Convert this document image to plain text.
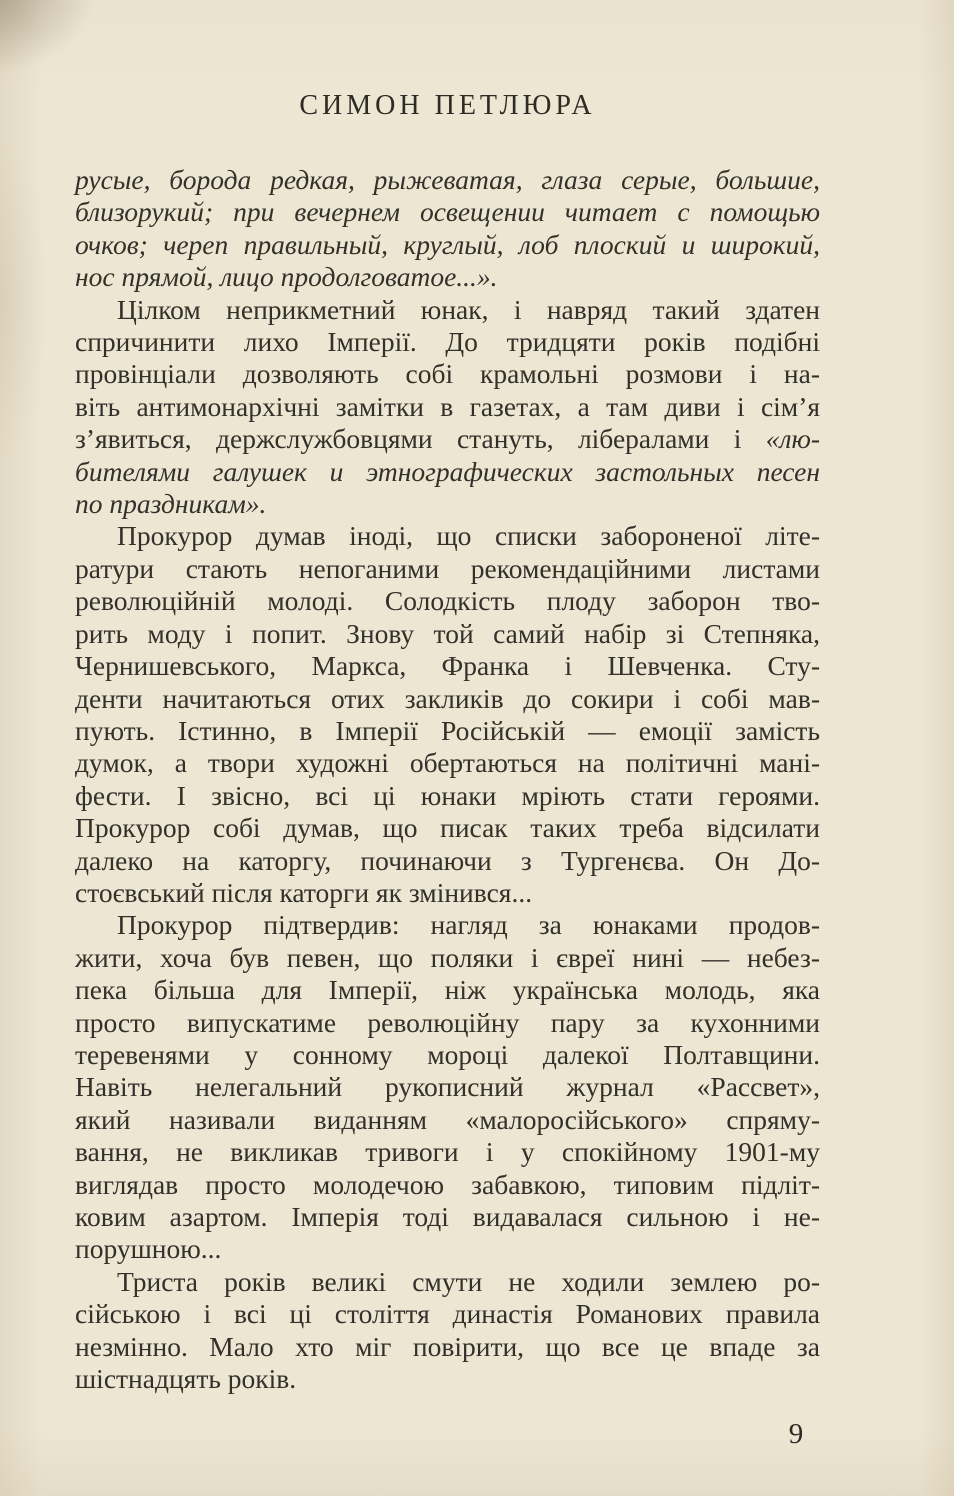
СИМОН ПЕТЛЮРА
русые, борода редкая, рыжеватая, глаза серые, большие,
близорукий; при вечернем освещении читает с помощью
очков; череп правильный, круглый, лоб плоский и широкий,
нос прямой, лицо продолговатое...».
Цілком неприкметний юнак, і навряд такий здатен
спричинити лихо Імперії. До тридцяти років подібні
провінціали дозволяють собі крамольні розмови і на-
віть антимонархічні замітки в газетах, а там диви і сім’я
з’явиться, держслужбовцями стануть, лібералами і «лю-
бителями галушек и этнографических застольных песен
по праздникам».
Прокурор думав іноді, що списки забороненої літе-
ратури стають непоганими рекомендаційними листами
революційній молоді. Солодкість плоду заборон тво-
рить моду і попит. Знову той самий набір зі Степняка,
Чернишевського, Маркса, Франка і Шевченка. Сту-
денти начитаються отих закликів до сокири і собі мав-
пують. Істинно, в Імперії Російській — емоції замість
думок, а твори художні обертаються на політичні мані-
фести. І звісно, всі ці юнаки мріють стати героями.
Прокурор собі думав, що писак таких треба відсилати
далеко на каторгу, починаючи з Тургенєва. Он До-
стоєвський після каторги як змінився...
Прокурор підтвердив: нагляд за юнаками продов-
жити, хоча був певен, що поляки і євреї нині — небез-
пека більша для Імперії, ніж українська молодь, яка
просто випускатиме революційну пару за кухонними
теревенями у сонному мороці далекої Полтавщини.
Навіть нелегальний рукописний журнал «Рассвет»,
який називали виданням «малоросійського» спряму-
вання, не викликав тривоги і у спокійному 1901-му
виглядав просто молодечою забавкою, типовим підліт-
ковим азартом. Імперія тоді видавалася сильною і не-
порушною...
Триста років великі смути не ходили землею ро-
сійською і всі ці століття династія Романових правила
незмінно. Мало хто міг повірити, що все це впаде за
шістнадцять років.
9
